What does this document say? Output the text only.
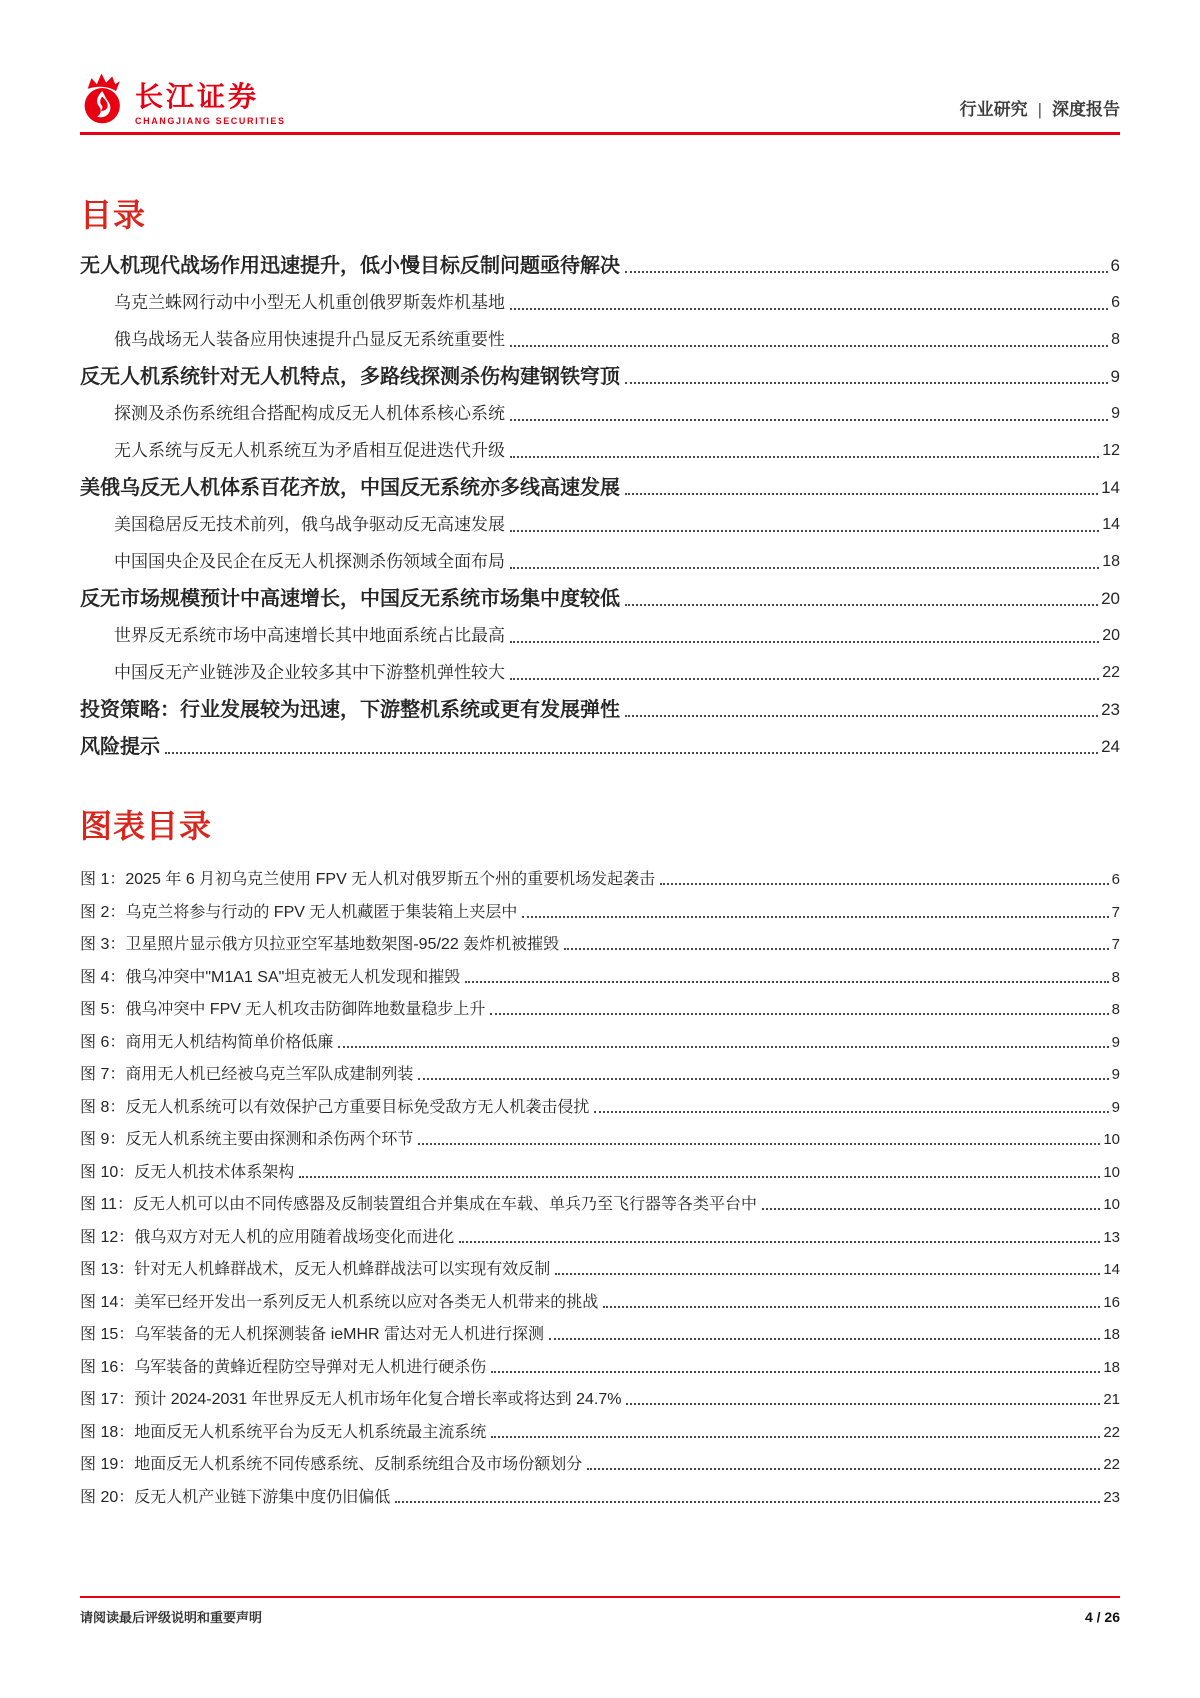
长江证券
CHANGJIANG SECURITIES
行业研究 | 深度报告
目录
无人机现代战场作用迅速提升，低小慢目标反制问题亟待解决	6
乌克兰蛛网行动中小型无人机重创俄罗斯轰炸机基地	6
俄乌战场无人装备应用快速提升凸显反无系统重要性	8
反无人机系统针对无人机特点，多路线探测杀伤构建钢铁穹顶	9
探测及杀伤系统组合搭配构成反无人机体系核心系统	9
无人系统与反无人机系统互为矛盾相互促进迭代升级	12
美俄乌反无人机体系百花齐放，中国反无系统亦多线高速发展	14
美国稳居反无技术前列，俄乌战争驱动反无高速发展	14
中国国央企及民企在反无人机探测杀伤领域全面布局	18
反无市场规模预计中高速增长，中国反无系统市场集中度较低	20
世界反无系统市场中高速增长其中地面系统占比最高	20
中国反无产业链涉及企业较多其中下游整机弹性较大	22
投资策略：行业发展较为迅速，下游整机系统或更有发展弹性	23
风险提示	24
图表目录
图 1：2025 年 6 月初乌克兰使用 FPV 无人机对俄罗斯五个州的重要机场发起袭击	6
图 2：乌克兰将参与行动的 FPV 无人机藏匿于集装箱上夹层中	7
图 3：卫星照片显示俄方贝拉亚空军基地数架图-95/22 轰炸机被摧毁	7
图 4：俄乌冲突中"M1A1 SA"坦克被无人机发现和摧毁	8
图 5：俄乌冲突中 FPV 无人机攻击防御阵地数量稳步上升	8
图 6：商用无人机结构简单价格低廉	9
图 7：商用无人机已经被乌克兰军队成建制列装	9
图 8：反无人机系统可以有效保护己方重要目标免受敌方无人机袭击侵扰	9
图 9：反无人机系统主要由探测和杀伤两个环节	10
图 10：反无人机技术体系架构	10
图 11：反无人机可以由不同传感器及反制装置组合并集成在车载、单兵乃至飞行器等各类平台中	10
图 12：俄乌双方对无人机的应用随着战场变化而进化	13
图 13：针对无人机蜂群战术，反无人机蜂群战法可以实现有效反制	14
图 14：美军已经开发出一系列反无人机系统以应对各类无人机带来的挑战	16
图 15：乌军装备的无人机探测装备 ieMHR 雷达对无人机进行探测	18
图 16：乌军装备的黄蜂近程防空导弹对无人机进行硬杀伤	18
图 17：预计 2024-2031 年世界反无人机市场年化复合增长率或将达到 24.7%	21
图 18：地面反无人机系统平台为反无人机系统最主流系统	22
图 19：地面反无人机系统不同传感系统、反制系统组合及市场份额划分	22
图 20：反无人机产业链下游集中度仍旧偏低	23
请阅读最后评级说明和重要声明	4 / 26
